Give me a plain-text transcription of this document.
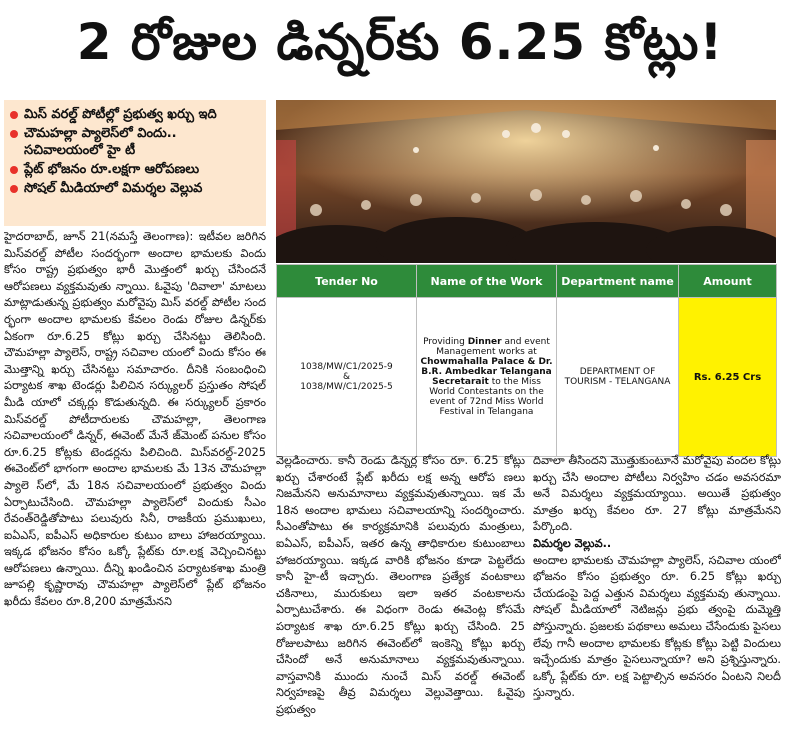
2 రోజుల డిన్నర్‌కు 6.25 కోట్లు!
మిస్ వరల్డ్ పోటీల్లో ప్రభుత్వ ఖర్చు ఇది
చౌమహల్లా ప్యాలెస్‌లో విందు..
సచివాలయంలో హై టీ
ప్లేట్ భోజనం రూ.లక్షగా ఆరోపణలు
సోషల్ మీడియాలో విమర్శల వెల్లువ
Tender No	Name of the Work	Department name	Amount

1038/MW/C1/2025-9
&
1038/MW/C1/2025-5	Providing Dinner and event Management works at Chowmahalla Palace & Dr. B.R. Ambedkar Telangana Secretarait to the Miss World Contestants on the event of 72nd Miss World Festival in Telangana	DEPARTMENT OF TOURISM - TELANGANA	Rs. 6.25 Crs

హైదరాబాద్, జూన్ 21(నమస్తే తెలంగాణ): ఇటీవల జరిగిన మిస్‌వరల్డ్ పోటీల సందర్భంగా అందాల భామలకు విందు కోసం రాష్ట్ర ప్రభుత్వం భారీ మొత్తంలో ఖర్చు చేసిందనే ఆరోపణలు వ్యక్తమవుతు న్నాయి. ఓవైపు 'దివాలా' మాటలు మాట్లాడుతున్న ప్రభుత్వం మరోవైపు మిస్ వరల్డ్ పోటీల సంద ర్భంగా అందాల భామలకు కేవలం రెండు రోజుల డిన్నర్‌కు ఏకంగా రూ.6.25 కోట్లు ఖర్చు చేసినట్టు తెలిసింది. చౌమహల్లా ప్యాలెస్, రాష్ట్ర సచివాల యంలో విందు కోసం ఈ మొత్తాన్ని ఖర్చు చేసినట్టు సమాచారం. దీనికి సంబంధించి పర్యాటక శాఖ టెండర్లు పిలిచిన సర్క్యులర్ ప్రస్తుతం సోషల్ మీడి యాలో చక్కర్లు కొడుతున్నది. ఈ సర్క్యులర్ ప్రకారం మిస్‌వరల్డ్ పోటీదారులకు చౌమహల్లా, తెలంగాణ సచివాలయంలో డిన్నర్, ఈవెంట్ మేనే జ్‌మెంట్ పనుల కోసం రూ.6.25 కోట్లకు టెండర్లను పిలిచింది. మిస్‌వరల్డ్-2025 ఈవెంట్‌లో భాగంగా అందాల భామలకు మే 13న చౌమహల్లా ప్యాలె స్‌లో, మే 18న సచివాలయంలో ప్రభుత్వం విందు ఏర్పాటుచేసింది. చౌమహల్లా ప్యాలెస్‌లో విందుకు సీఎం రేవంత్‌రెడ్డితోపాటు పలువురు సినీ, రాజకీయ ప్రముఖులు, ఐఏఎస్, ఐపీఎస్ అధికారుల కుటుం బాలు హాజరయ్యాయి. ఇక్కడ భోజనం కోసం ఒక్కో ప్లేట్‌కు రూ.లక్ష వెచ్చించినట్టు ఆరోపణలు ఉన్నాయి. దీన్ని ఖండించిన పర్యాటకశాఖ మంత్రి జూపల్లి కృష్ణారావు చౌమహల్లా ప్యాలెస్‌లో ప్లేట్ భోజనం ఖరీదు కేవలం రూ.8,200 మాత్రమేనని

వెల్లడించారు. కానీ రెండు డిన్నర్ల కోసం రూ. 6.25 కోట్లు ఖర్చు చేశారంటే ప్లేట్ ఖరీదు లక్ష అన్న ఆరోప ణలు నిజమేనని అనుమానాలు వ్యక్తమవుతున్నాయి. ఇక మే 18న అందాల భామలు సచివాలయాన్ని సందర్శించారు. సీఎంతోపాటు ఈ కార్యక్రమానికి పలువురు మంత్రులు, ఐఏఎస్, ఐపీఎస్, ఇతర ఉన్న తాధికారుల కుటుంబాలు హాజరయ్యాయి. ఇక్కడ వారికి భోజనం కూడా పెట్టలేదు కానీ హై-టీ ఇచ్చారు. తెలంగాణ ప్రత్యేక వంటకాలు చకినాలు, మురుకులు ఇలా ఇతర వంటకాలను ఏర్పాటుచేశారు. ఈ విధంగా రెండు ఈవెంట్ల కోసమే పర్యాటక శాఖ రూ.6.25 కోట్లు ఖర్చు చేసింది. 25 రోజులపాటు జరిగిన ఈవెంట్‌లో ఇంకెన్ని కోట్లు ఖర్చు చేసిందో అనే అనుమానాలు వ్యక్తమవుతున్నాయి. వాస్తవానికి ముందు నుంచే మిస్ వరల్డ్ ఈవెంట్ నిర్వహణపై తీవ్ర విమర్శలు వెల్లువెత్తాయి. ఓవైపు ప్రభుత్వం

దివాలా తీసిందని మొత్తుకుంటూనే మరోవైపు వందల కోట్లు ఖర్చు చేసి అందాల పోటీలు నిర్వహిం చడం అవసరమా అనే విమర్శలు వ్యక్తమయ్యాయి. అయితే ప్రభుత్వం మాత్రం ఖర్చు కేవలం రూ. 27 కోట్లు మాత్రమేనని పేర్కొంది.

విమర్శల వెల్లువ..

అందాల భామలకు చౌమహల్లా ప్యాలెస్, సచివాల యంలో భోజనం కోసం ప్రభుత్వం రూ. 6.25 కోట్లు ఖర్చు చేయడంపై పెద్ద ఎత్తున విమర్శలు వ్యక్తమవు తున్నాయి. సోషల్ మీడియాలో నెటిజన్లు ప్రభు త్వంపై దుమ్మెత్తి పోస్తున్నారు. ప్రజలకు పథకాలు అమలు చేసేందుకు పైసలు లేవు గానీ అందాల భామలకు కోట్లకు కోట్లు పెట్టి విందులు ఇచ్చేందుకు మాత్రం పైసలున్నాయా? అని ప్రశ్నిస్తున్నారు. ఒక్కో ప్లేట్‌కు రూ. లక్ష పెట్టాల్సిన అవసరం ఏంటని నిలదీ స్తున్నారు.
